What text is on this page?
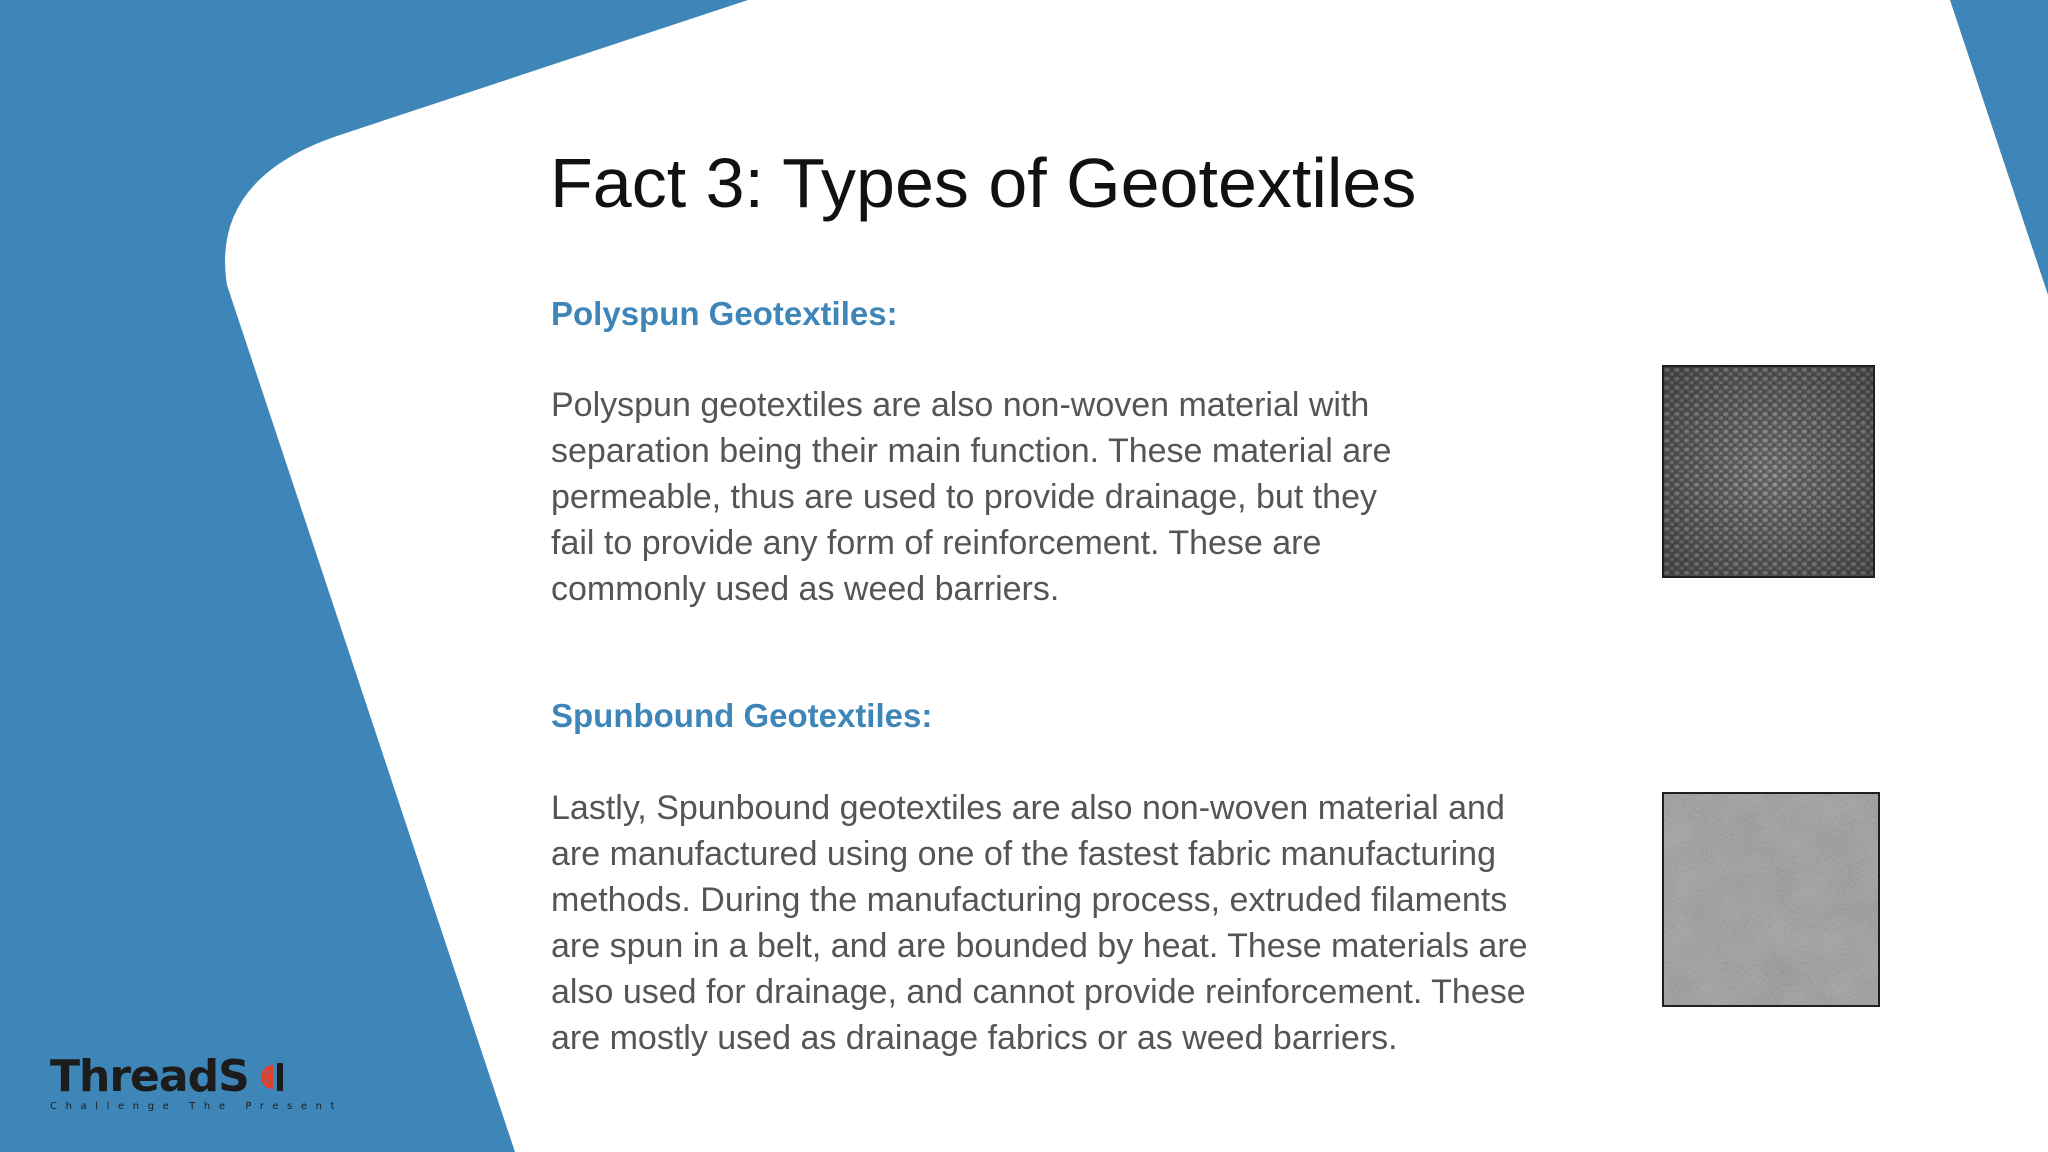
Fact 3: Types of Geotextiles
Polyspun Geotextiles:
Polyspun geotextiles are also non-woven material with
separation being their main function. These material are
permeable, thus are used to provide drainage, but they
fail to provide any form of reinforcement. These are
commonly used as weed barriers.
Spunbound Geotextiles:
Lastly, Spunbound geotextiles are also non-woven material and
are manufactured using one of the fastest fabric manufacturing
methods. During the manufacturing process, extruded filaments
are spun in a belt, and are bounded by heat. These materials are
also used for drainage, and cannot provide reinforcement. These
are mostly used as drainage fabrics or as weed barriers.
ThreadS
Challenge The Present
